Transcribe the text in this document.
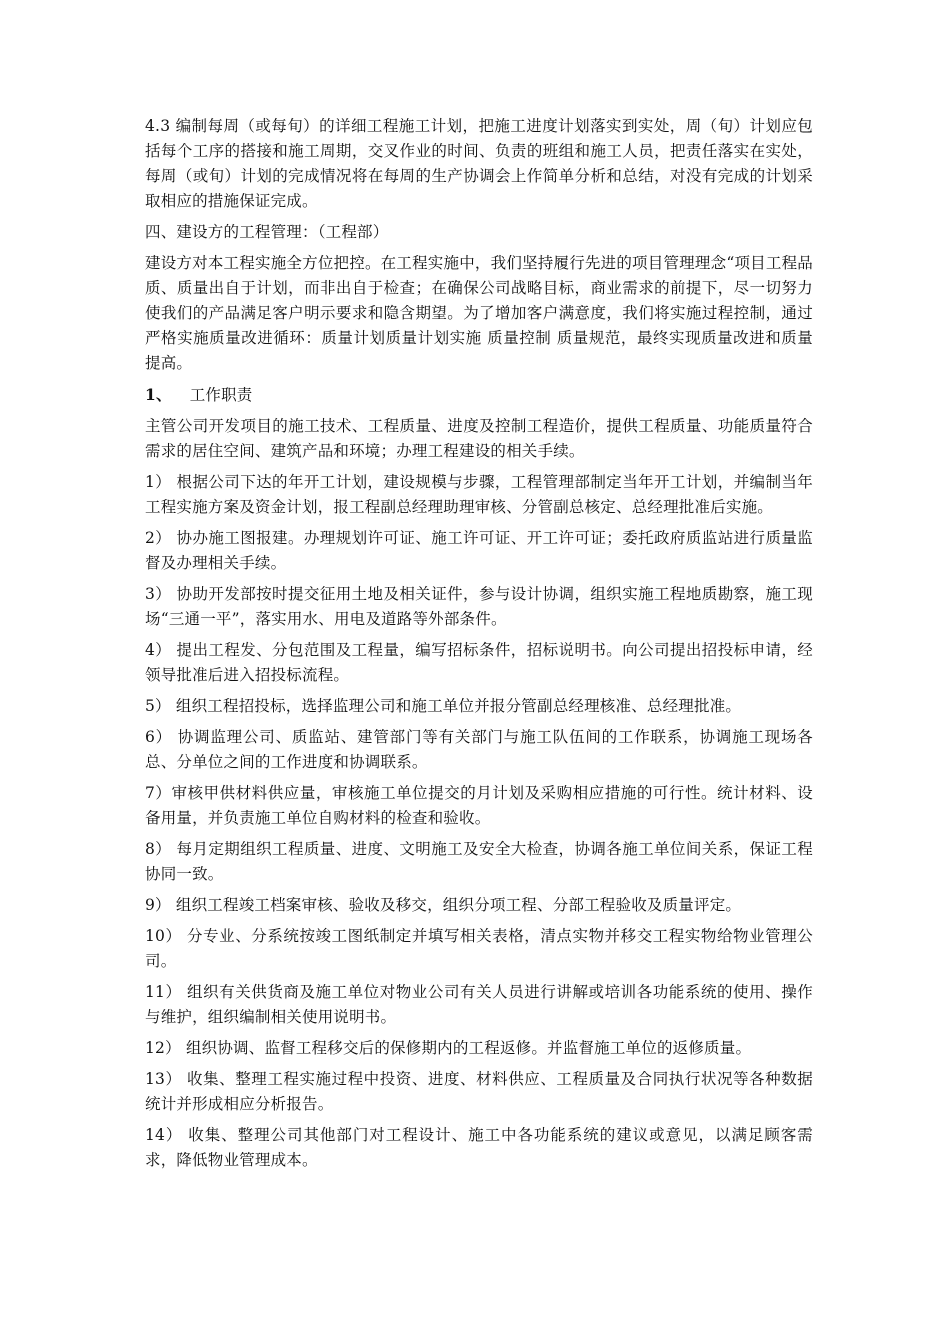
4.3 编制每周（或每旬）的详细工程施工计划，把施工进度计划落实到实处，周（旬）计划应包括每个工序的搭接和施工周期，交叉作业的时间、负责的班组和施工人员，把责任落实在实处，每周（或旬）计划的完成情况将在每周的生产协调会上作简单分析和总结，对没有完成的计划采取相应的措施保证完成。

四、建设方的工程管理：（工程部）

建设方对本工程实施全方位把控。在工程实施中，我们坚持履行先进的项目管理理念“项目工程品质、质量出自于计划，而非出自于检查；在确保公司战略目标，商业需求的前提下，尽一切努力使我们的产品满足客户明示要求和隐含期望。为了增加客户满意度，我们将实施过程控制，通过严格实施质量改进循环：质量计划质量计划实施 质量控制 质量规范，最终实现质量改进和质量提高。

1、 工作职责

主管公司开发项目的施工技术、工程质量、进度及控制工程造价，提供工程质量、功能质量符合需求的居住空间、建筑产品和环境；办理工程建设的相关手续。

1） 根据公司下达的年开工计划，建设规模与步骤，工程管理部制定当年开工计划，并编制当年工程实施方案及资金计划，报工程副总经理助理审核、分管副总核定、总经理批准后实施。

2） 协办施工图报建。办理规划许可证、施工许可证、开工许可证；委托政府质监站进行质量监督及办理相关手续。

3） 协助开发部按时提交征用土地及相关证件，参与设计协调，组织实施工程地质勘察，施工现场“三通一平”，落实用水、用电及道路等外部条件。

4） 提出工程发、分包范围及工程量，编写招标条件，招标说明书。向公司提出招投标申请，经领导批准后进入招投标流程。

5） 组织工程招投标，选择监理公司和施工单位并报分管副总经理核准、总经理批准。

6） 协调监理公司、质监站、建管部门等有关部门与施工队伍间的工作联系，协调施工现场各总、分单位之间的工作进度和协调联系。

7）审核甲供材料供应量，审核施工单位提交的月计划及采购相应措施的可行性。统计材料、设备用量，并负责施工单位自购材料的检查和验收。

8） 每月定期组织工程质量、进度、文明施工及安全大检查，协调各施工单位间关系，保证工程协同一致。

9） 组织工程竣工档案审核、验收及移交，组织分项工程、分部工程验收及质量评定。

10） 分专业、分系统按竣工图纸制定并填写相关表格，清点实物并移交工程实物给物业管理公司。

11） 组织有关供货商及施工单位对物业公司有关人员进行讲解或培训各功能系统的使用、操作与维护，组织编制相关使用说明书。

12） 组织协调、监督工程移交后的保修期内的工程返修。并监督施工单位的返修质量。

13） 收集、整理工程实施过程中投资、进度、材料供应、工程质量及合同执行状况等各种数据统计并形成相应分析报告。

14） 收集、整理公司其他部门对工程设计、施工中各功能系统的建议或意见，以满足顾客需求，降低物业管理成本。
